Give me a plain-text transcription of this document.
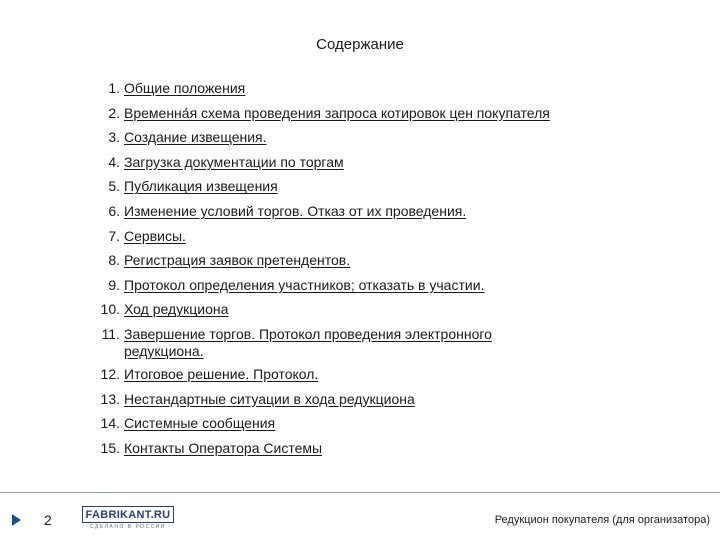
Содержание
1. Общие положения
2. Временна́я схема проведения запроса котировок цен покупателя
3. Создание извещения.
4. Загрузка документации по торгам
5. Публикация извещения
6. Изменение условий торгов. Отказ от их проведения.
7. Сервисы.
8. Регистрация заявок претендентов.
9. Протокол определения участников; отказать в участии.
10. Ход редукциона
11. Завершение торгов. Протокол проведения электронного редукциона.
12. Итоговое решение. Протокол.
13. Нестандартные ситуации в хода редукциона
14. Системные сообщения
15. Контакты Оператора Системы
2	FABRIKANT.RU
СДЕЛАНО В РОССИИ
Редукцион покупателя (для организатора)
